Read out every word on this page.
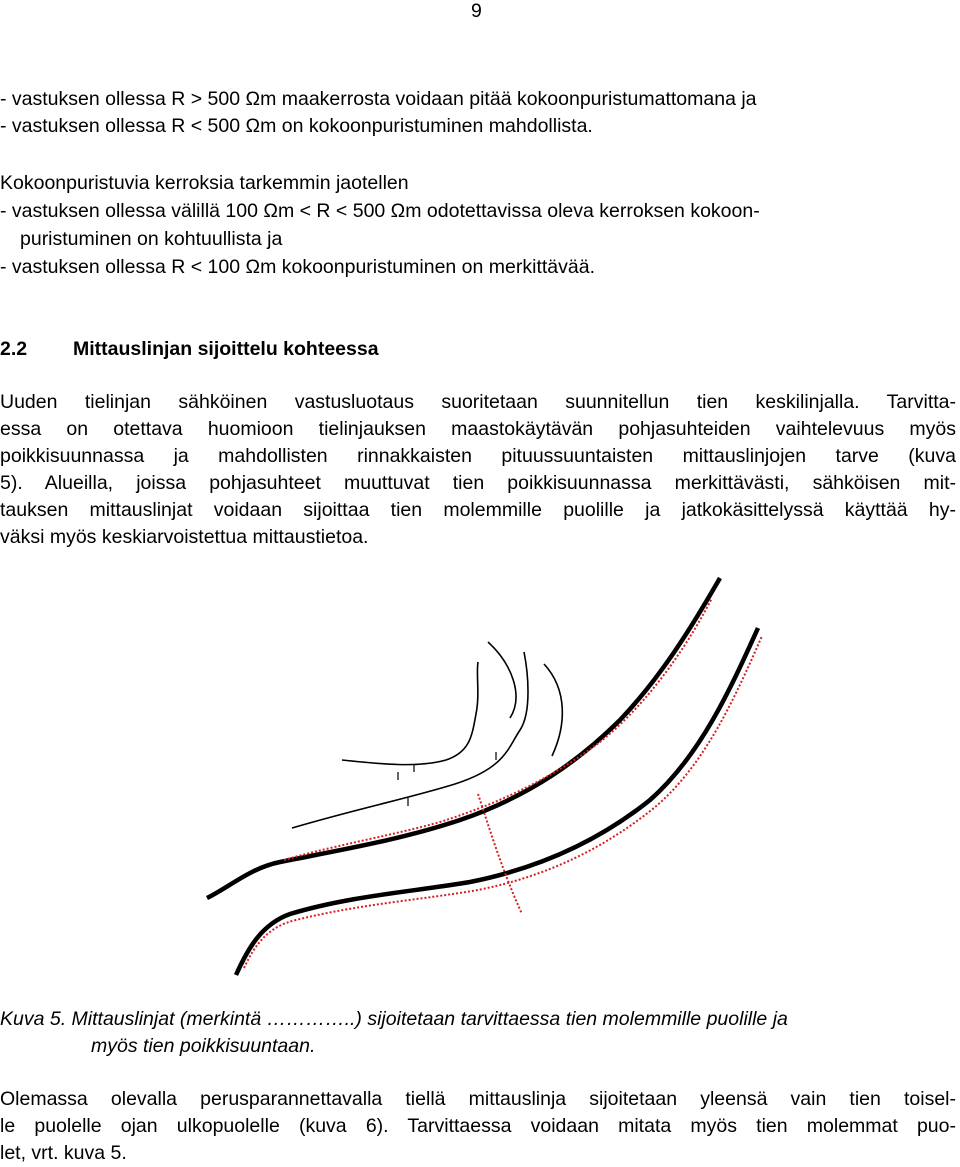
9
- vastuksen ollessa R > 500 Ωm maakerrosta voidaan pitää kokoonpuristumattomana ja
- vastuksen ollessa R < 500 Ωm on kokoonpuristuminen mahdollista.
Kokoonpuristuvia kerroksia tarkemmin jaotellen
- vastuksen ollessa välillä 100 Ωm < R < 500 Ωm odotettavissa oleva kerroksen kokoon-
puristuminen on kohtuullista ja
- vastuksen ollessa R < 100 Ωm kokoonpuristuminen on merkittävää.
2.2 Mittauslinjan sijoittelu kohteessa
Uuden tielinjan sähköinen vastusluotaus suoritetaan suunnitellun tien keskilinjalla. Tarvitta-
essa on otettava huomioon tielinjauksen maastokäytävän pohjasuhteiden vaihtelevuus myös
poikkisuunnassa ja mahdollisten rinnakkaisten pituussuuntaisten mittauslinjojen tarve (kuva
5). Alueilla, joissa pohjasuhteet muuttuvat tien poikkisuunnassa merkittävästi, sähköisen mit-
tauksen mittauslinjat voidaan sijoittaa tien molemmille puolille ja jatkokäsittelyssä käyttää hy-
väksi myös keskiarvoistettua mittaustietoa.
Kuva 5. Mittauslinjat (merkintä …………..) sijoitetaan tarvittaessa tien molemmille puolille ja
myös tien poikkisuuntaan.
Olemassa olevalla perusparannettavalla tiellä mittauslinja sijoitetaan yleensä vain tien toisel-
le puolelle ojan ulkopuolelle (kuva 6). Tarvittaessa voidaan mitata myös tien molemmat puo-
let, vrt. kuva 5.
